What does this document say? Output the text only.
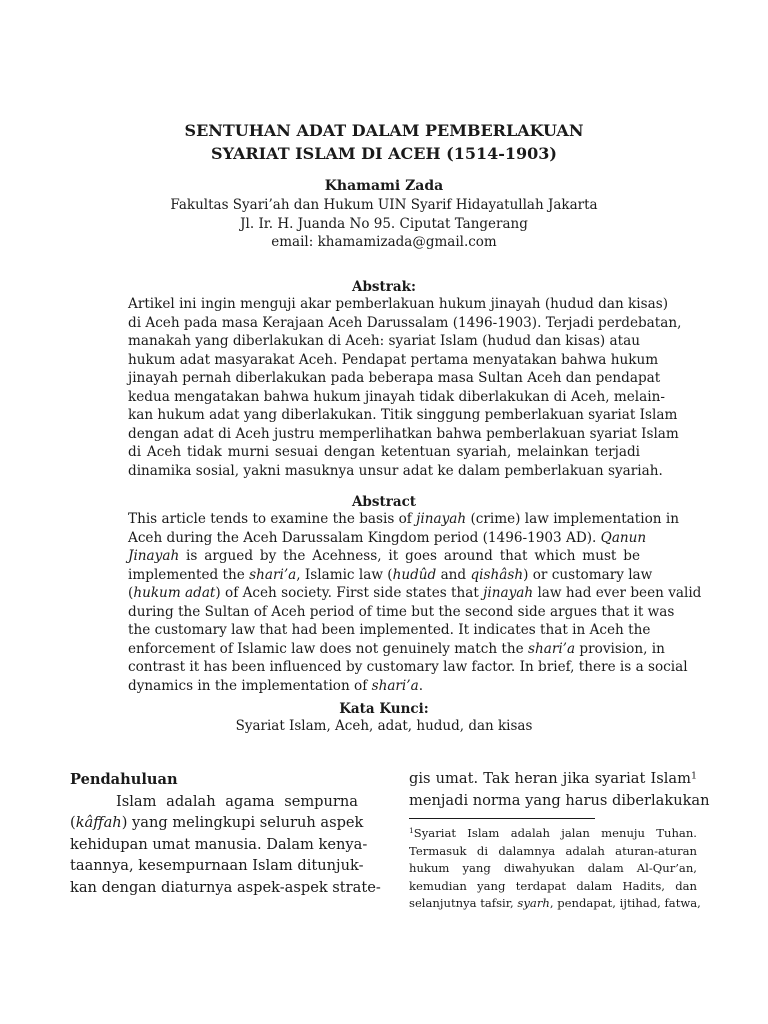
SENTUHAN ADAT DALAM PEMBERLAKUAN
SYARIAT ISLAM DI ACEH (1514-1903)
Khamami Zada
Fakultas Syari’ah dan Hukum UIN Syarif Hidayatullah Jakarta
Jl. Ir. H. Juanda No 95. Ciputat Tangerang
email: khamamizada@gmail.com
Abstrak:
Artikel ini ingin menguji akar pemberlakuan hukum jinayah (hudud dan kisas)
di Aceh pada masa Kerajaan Aceh Darussalam (1496-1903). Terjadi perdebatan,
manakah yang diberlakukan di Aceh: syariat Islam (hudud dan kisas) atau
hukum adat masyarakat Aceh. Pendapat pertama menyatakan bahwa hukum
jinayah pernah diberlakukan pada beberapa masa Sultan Aceh dan pendapat
kedua mengatakan bahwa hukum jinayah tidak diberlakukan di Aceh, melain-
kan hukum adat yang diberlakukan. Titik singgung pemberlakuan syariat Islam
dengan adat di Aceh justru memperlihatkan bahwa pemberlakuan syariat Islam
di Aceh tidak murni sesuai dengan ketentuan syariah, melainkan terjadi
dinamika sosial, yakni masuknya unsur adat ke dalam pemberlakuan syariah.
Abstract
This article tends to examine the basis of jinayah (crime) law implementation in
Aceh during the Aceh Darussalam Kingdom period (1496-1903 AD). Qanun
Jinayah is argued by the Acehness, it goes around that which must be
implemented the shari’a, Islamic law (hudûd and qishâsh) or customary law
(hukum adat) of Aceh society. First side states that jinayah law had ever been valid
during the Sultan of Aceh period of time but the second side argues that it was
the customary law that had been implemented. It indicates that in Aceh the
enforcement of Islamic law does not genuinely match the shari’a provision, in
contrast it has been influenced by customary law factor. In brief, there is a social
dynamics in the implementation of shari’a.
Kata Kunci:
Syariat Islam, Aceh, adat, hudud, dan kisas
Pendahuluan
Islam adalah agama sempurna
(kâffah) yang melingkupi seluruh aspek
kehidupan umat manusia. Dalam kenya-
taannya, kesempurnaan Islam ditunjuk-
kan dengan diaturnya aspek-aspek strate-
gis umat. Tak heran jika syariat Islam$^1$
menjadi norma yang harus diberlakukan
$^1$Syariat Islam adalah jalan menuju Tuhan.
Termasuk di dalamnya adalah aturan-aturan
hukum yang diwahyukan dalam Al-Qur’an,
kemudian yang terdapat dalam Hadits, dan
selanjutnya tafsir, syarh, pendapat, ijtihad, fatwa,
